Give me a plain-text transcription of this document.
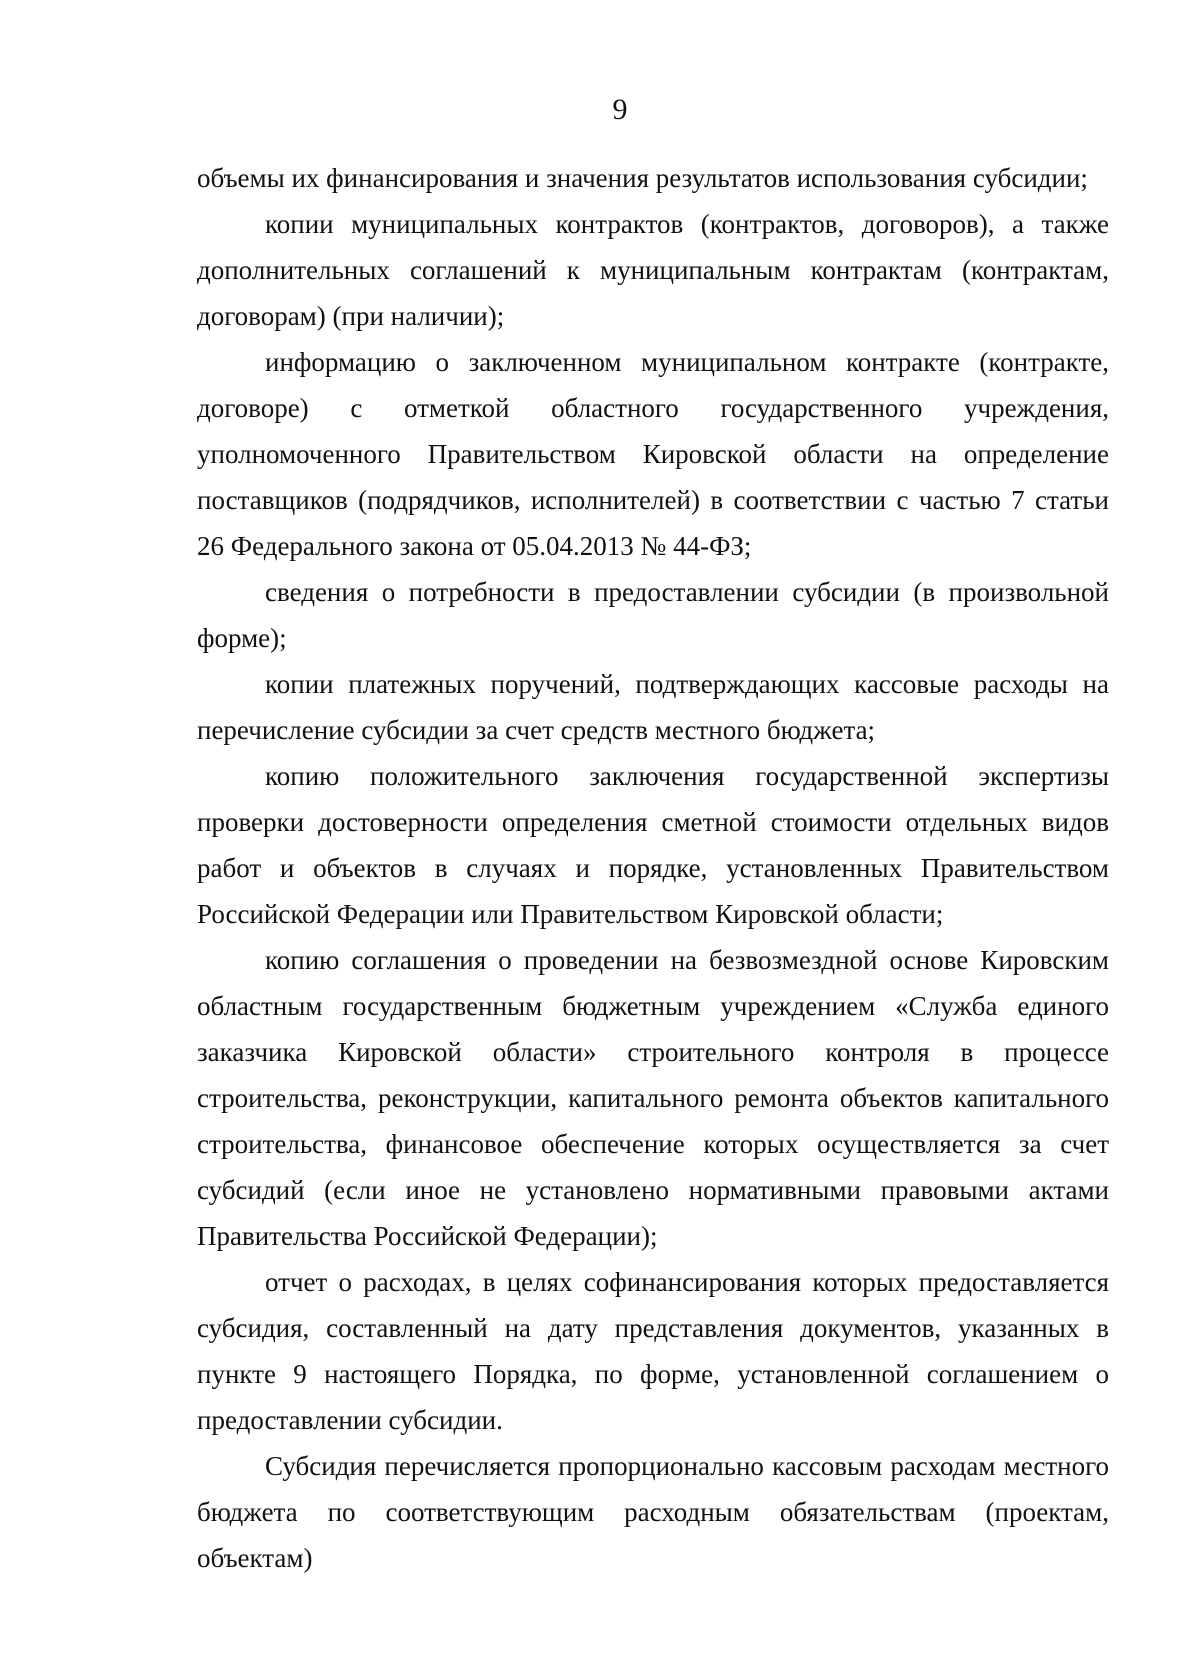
9

объемы их финансирования и значения результатов использования субсидии;

копии муниципальных контрактов (контрактов, договоров), а также дополнительных соглашений к муниципальным контрактам (контрактам, договорам) (при наличии);

информацию о заключенном муниципальном контракте (контракте, договоре) с отметкой областного государственного учреждения, уполномоченного Правительством Кировской области на определение поставщиков (подрядчиков, исполнителей) в соответствии с частью 7 статьи 26 Федерального закона от 05.04.2013 № 44-ФЗ;

сведения о потребности в предоставлении субсидии (в произвольной форме);

копии платежных поручений, подтверждающих кассовые расходы на перечисление субсидии за счет средств местного бюджета;

копию положительного заключения государственной экспертизы проверки достоверности определения сметной стоимости отдельных видов работ и объектов в случаях и порядке, установленных Правительством Российской Федерации или Правительством Кировской области;

копию соглашения о проведении на безвозмездной основе Кировским областным государственным бюджетным учреждением «Служба единого заказчика Кировской области» строительного контроля в процессе строительства, реконструкции, капитального ремонта объектов капитального строительства, финансовое обеспечение которых осуществляется за счет субсидий (если иное не установлено нормативными правовыми актами Правительства Российской Федерации);

отчет о расходах, в целях софинансирования которых предоставляется субсидия, составленный на дату представления документов, указанных в пункте 9 настоящего Порядка, по форме, установленной соглашением о предоставлении субсидии.

Субсидия перечисляется пропорционально кассовым расходам местного бюджета по соответствующим расходным обязательствам (проектам, объектам)
